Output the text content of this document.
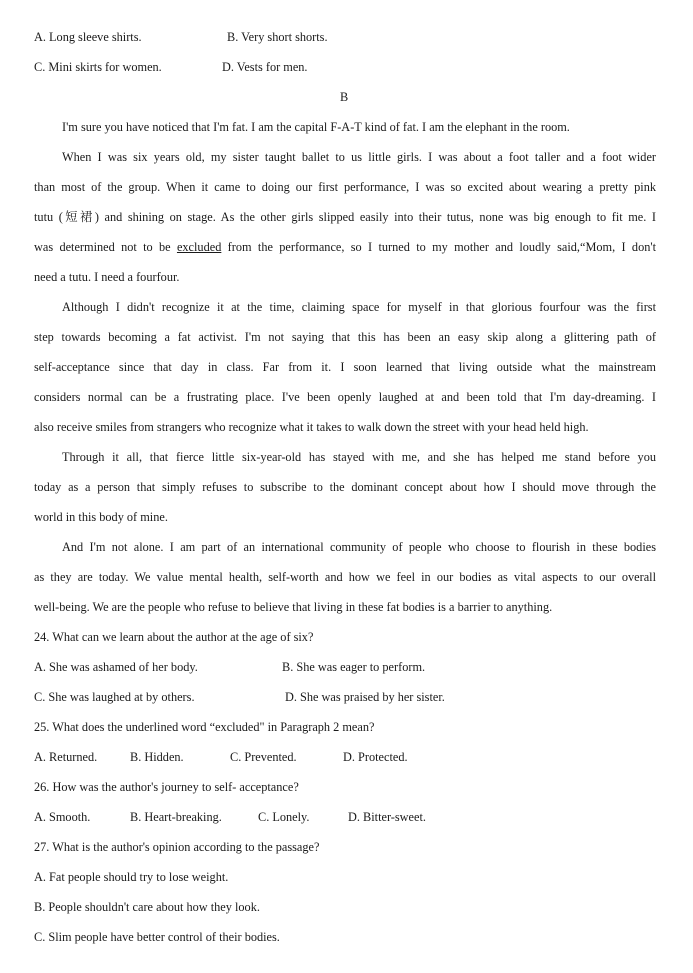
A. Long sleeve shirts.	B. Very short shorts.
C. Mini skirts for women.	D. Vests for men.
B
I'm sure you have noticed that I'm fat. I am the capital F-A-T kind of fat. I am the elephant in the room.
When I was six years old, my sister taught ballet to us little girls. I was about a foot taller and a foot wider
than most of the group. When it came to doing our first performance, I was so excited about wearing a pretty pink
tutu (短裙) and shining on stage. As the other girls slipped easily into their tutus, none was big enough to fit me. I
was determined not to be excluded from the performance, so I turned to my mother and loudly said,“Mom, I don't
need a tutu. I need a fourfour.
Although I didn't recognize it at the time, claiming space for myself in that glorious fourfour was the first
step towards becoming a fat activist. I'm not saying that this has been an easy skip along a glittering path of
self-acceptance since that day in class. Far from it. I soon learned that living outside what the mainstream
considers normal can be a frustrating place. I've been openly laughed at and been told that I'm day-dreaming. I
also receive smiles from strangers who recognize what it takes to walk down the street with your head held high.
Through it all, that fierce little six-year-old has stayed with me, and she has helped me stand before you
today as a person that simply refuses to subscribe to the dominant concept about how I should move through the
world in this body of mine.
And I'm not alone. I am part of an international community of people who choose to flourish in these bodies
as they are today. We value mental health, self-worth and how we feel in our bodies as vital aspects to our overall
well-being. We are the people who refuse to believe that living in these fat bodies is a barrier to anything.
24. What can we learn about the author at the age of six?
A. She was ashamed of her body.	B. She was eager to perform.
C. She was laughed at by others.	D. She was praised by her sister.
25. What does the underlined word “excluded" in Paragraph 2 mean?
A. Returned.	B. Hidden.	C. Prevented.	D. Protected.
26. How was the author's journey to self- acceptance?
A. Smooth.	B. Heart-breaking.	C. Lonely.	D. Bitter-sweet.
27. What is the author's opinion according to the passage?
A. Fat people should try to lose weight.
B. People shouldn't care about how they look.
C. Slim people have better control of their bodies.
